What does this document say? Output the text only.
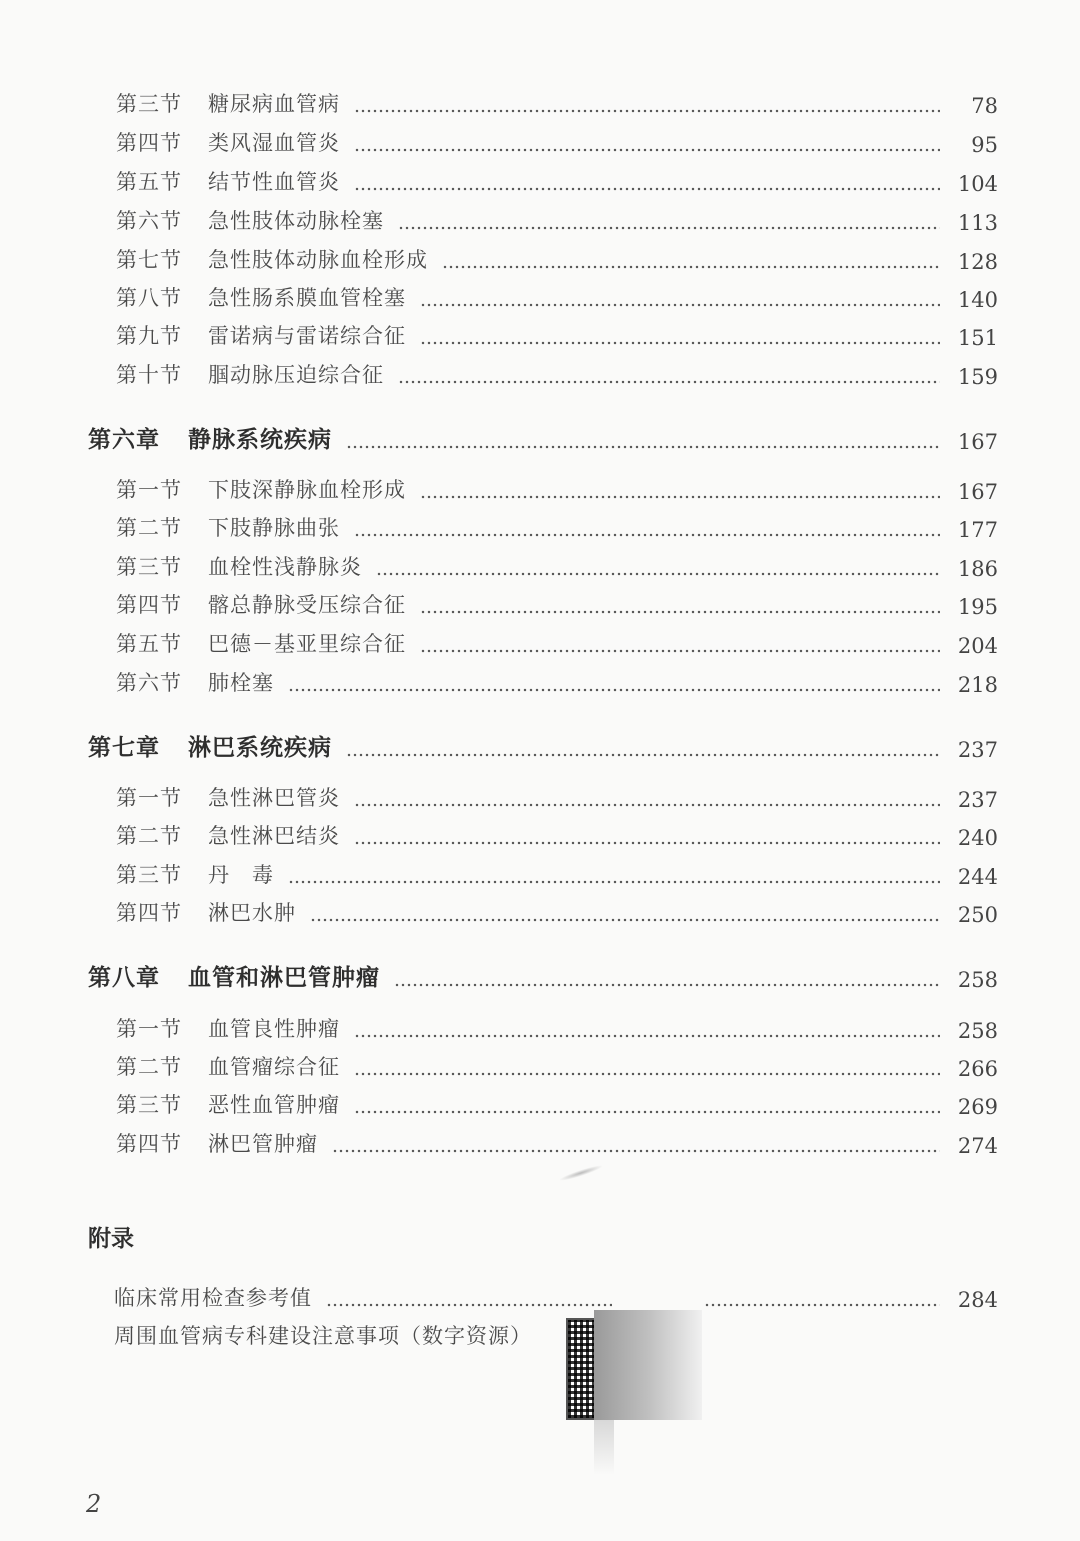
第三节	糖尿病血管病	78
第四节	类风湿血管炎	95
第五节	结节性血管炎	104
第六节	急性肢体动脉栓塞	113
第七节	急性肢体动脉血栓形成	128
第八节	急性肠系膜血管栓塞	140
第九节	雷诺病与雷诺综合征	151
第十节	腘动脉压迫综合征	159
第六章	静脉系统疾病	167
第一节	下肢深静脉血栓形成	167
第二节	下肢静脉曲张	177
第三节	血栓性浅静脉炎	186
第四节	髂总静脉受压综合征	195
第五节	巴德－基亚里综合征	204
第六节	肺栓塞	218
第七章	淋巴系统疾病	237
第一节	急性淋巴管炎	237
第二节	急性淋巴结炎	240
第三节	丹　毒	244
第四节	淋巴水肿	250
第八章	血管和淋巴管肿瘤	258
第一节	血管良性肿瘤	258
第二节	血管瘤综合征	266
第三节	恶性血管肿瘤	269
第四节	淋巴管肿瘤	274
附录
临床常用检查参考值	284
周围血管病专科建设注意事项（数字资源）
2
